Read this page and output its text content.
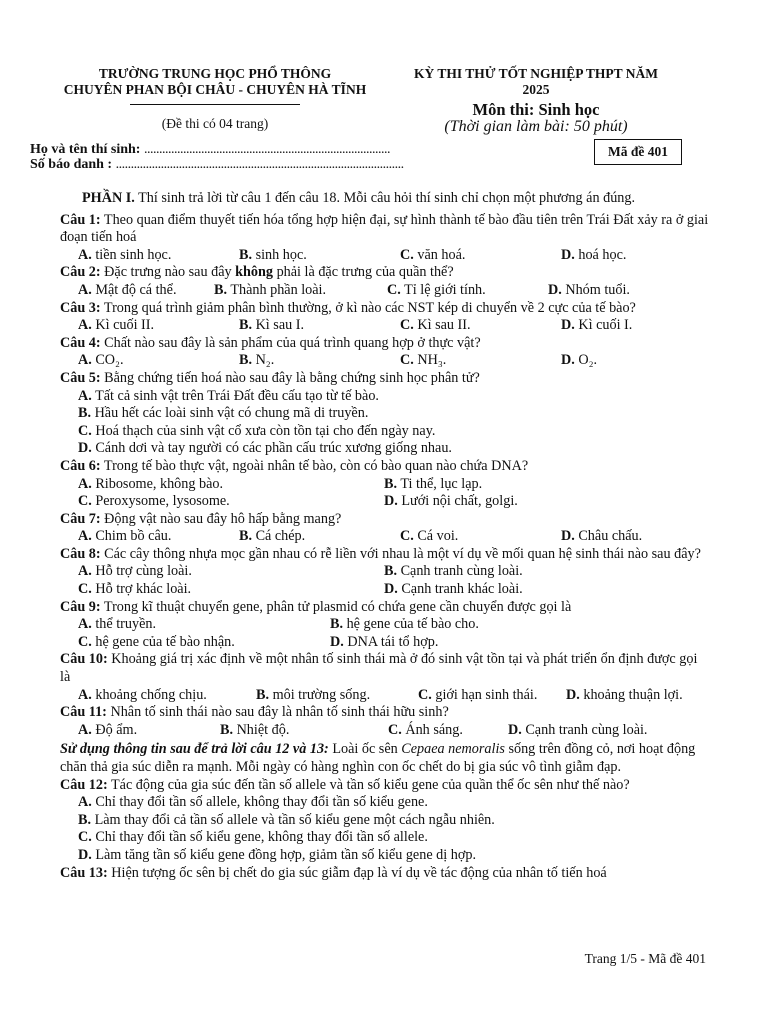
TRƯỜNG TRUNG HỌC PHỔ THÔNG
CHUYÊN PHAN BỘI CHÂU - CHUYÊN HÀ TĨNH
(Đề thi có 04 trang)
KỲ THI THỬ TỐT NGHIỆP THPT NĂM
2025
Môn thi: Sinh học
(Thời gian làm bài: 50 phút)
Mã đề 401
Họ và tên thí sinh: ..................................................................................
Số báo danh : ................................................................................................

PHẦN I. Thí sinh trả lời từ câu 1 đến câu 18. Mỗi câu hỏi thí sinh chỉ chọn một phương án đúng.

Câu 1: Theo quan điểm thuyết tiến hóa tổng hợp hiện đại, sự hình thành tế bào đầu tiên trên Trái Đất xảy ra ở giai đoạn tiến hoá

A. tiền sinh học.	B. sinh học.	C. văn hoá.	D. hoá học.

Câu 2: Đặc trưng nào sau đây không phải là đặc trưng của quần thể?

A. Mật độ cá thể.	B. Thành phần loài.	C. Tỉ lệ giới tính.	D. Nhóm tuổi.

Câu 3: Trong quá trình giảm phân bình thường, ở kì nào các NST kép di chuyển về 2 cực của tế bào?

A. Kì cuối II.	B. Kì sau I.	C. Kì sau II.	D. Kì cuối I.

Câu 4: Chất nào sau đây là sản phẩm của quá trình quang hợp ở thực vật?

A. CO₂.	B. N₂.	C. NH₃.	D. O₂.

Câu 5: Bằng chứng tiến hoá nào sau đây là bằng chứng sinh học phân tử?

A. Tất cả sinh vật trên Trái Đất đều cấu tạo từ tế bào.

B. Hầu hết các loài sinh vật có chung mã di truyền.

C. Hoá thạch của sinh vật cổ xưa còn tồn tại cho đến ngày nay.

D. Cánh dơi và tay người có các phần cấu trúc xương giống nhau.

Câu 6: Trong tế bào thực vật, ngoài nhân tế bào, còn có bào quan nào chứa DNA?

A. Ribosome, không bào.	B. Ti thể, lục lạp.
C. Peroxysome, lysosome.	D. Lưới nội chất, golgi.

Câu 7: Động vật nào sau đây hô hấp bằng mang?

A. Chim bồ câu.	B. Cá chép.	C. Cá voi.	D. Châu chấu.

Câu 8: Các cây thông nhựa mọc gần nhau có rễ liền với nhau là một ví dụ về mối quan hệ sinh thái nào sau đây?

A. Hỗ trợ cùng loài.	B. Cạnh tranh cùng loài.
C. Hỗ trợ khác loài.	D. Cạnh tranh khác loài.

Câu 9: Trong kĩ thuật chuyển gene, phân tử plasmid có chứa gene cần chuyển được gọi là

A. thể truyền.	B. hệ gene của tế bào cho.
C. hệ gene của tế bào nhận.	D. DNA tái tổ hợp.

Câu 10: Khoảng giá trị xác định về một nhân tố sinh thái mà ở đó sinh vật tồn tại và phát triển ổn định được gọi là

A. khoảng chống chịu.	B. môi trường sống.	C. giới hạn sinh thái.	D. khoảng thuận lợi.

Câu 11: Nhân tố sinh thái nào sau đây là nhân tố sinh thái hữu sinh?

A. Độ ẩm.	B. Nhiệt độ.	C. Ánh sáng.	D. Cạnh tranh cùng loài.

Sử dụng thông tin sau để trả lời câu 12 và 13: Loài ốc sên Cepaea nemoralis sống trên đồng cỏ, nơi hoạt động chăn thả gia súc diễn ra mạnh. Mỗi ngày có hàng nghìn con ốc chết do bị gia súc vô tình giẫm đạp.

Câu 12: Tác động của gia súc đến tần số allele và tần số kiểu gene của quần thể ốc sên như thế nào?

A. Chỉ thay đổi tần số allele, không thay đổi tần số kiểu gene.

B. Làm thay đổi cả tần số allele và tần số kiểu gene một cách ngẫu nhiên.

C. Chỉ thay đổi tần số kiểu gene, không thay đổi tần số allele.

D. Làm tăng tần số kiểu gene đồng hợp, giảm tần số kiểu gene dị hợp.

Câu 13: Hiện tượng ốc sên bị chết do gia súc giẫm đạp là ví dụ về tác động của nhân tố tiến hoá

Trang 1/5 - Mã đề 401
